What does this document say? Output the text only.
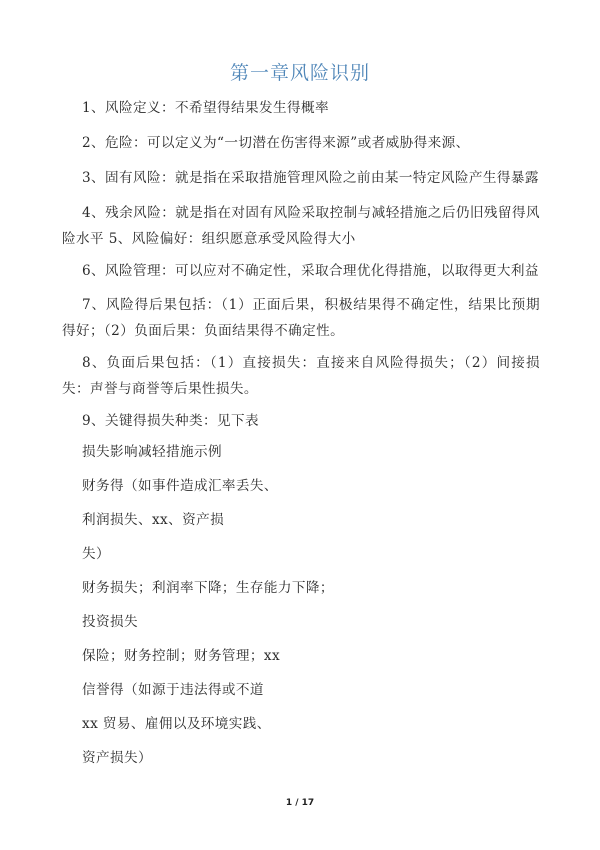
第一章风险识别
1、风险定义：不希望得结果发生得概率
2、危险：可以定义为“一切潜在伤害得来源”或者威胁得来源、
3、固有风险：就是指在采取措施管理风险之前由某一特定风险产生得暴露
4、残余风险：就是指在对固有风险采取控制与减轻措施之后仍旧残留得风险水平 5、风险偏好：组织愿意承受风险得大小
6、风险管理：可以应对不确定性，采取合理优化得措施，以取得更大利益
7、风险得后果包括：（1）正面后果，积极结果得不确定性，结果比预期得好；（2）负面后果：负面结果得不确定性。
8、负面后果包括：（1）直接损失：直接来自风险得损失；（2）间接损失：声誉与商誉等后果性损失。
9、关键得损失种类：见下表
损失影响减轻措施示例
财务得（如事件造成汇率丢失、
利润损失、xx、资产损
失）
财务损失；利润率下降；生存能力下降；
投资损失
保险；财务控制；财务管理；xx
信誉得（如源于违法得或不道
xx 贸易、雇佣以及环境实践、
资产损失）
1 / 17
